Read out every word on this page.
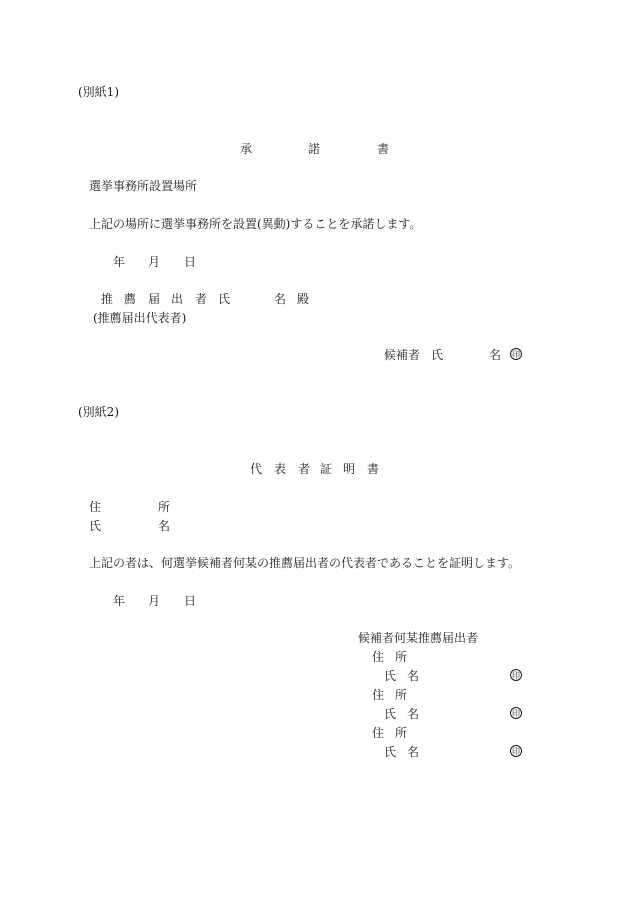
(別紙1)
承	諾	書
選挙事務所設置場所
上記の場所に選挙事務所を設置(異動)することを承諾します。
年 月 日
推 薦 届 出 者 氏	名 殿
(推薦届出代表者)
候補者 氏	名 印
(別紙2)
代 表 者 証 明 書
住	所
氏	名
上記の者は、何選挙候補者何某の推薦届出者の代表者であることを証明します。
年 月 日
候補者何某推薦届出者
住 所
氏 名	印
住 所
氏 名	印
住 所
氏 名	印
